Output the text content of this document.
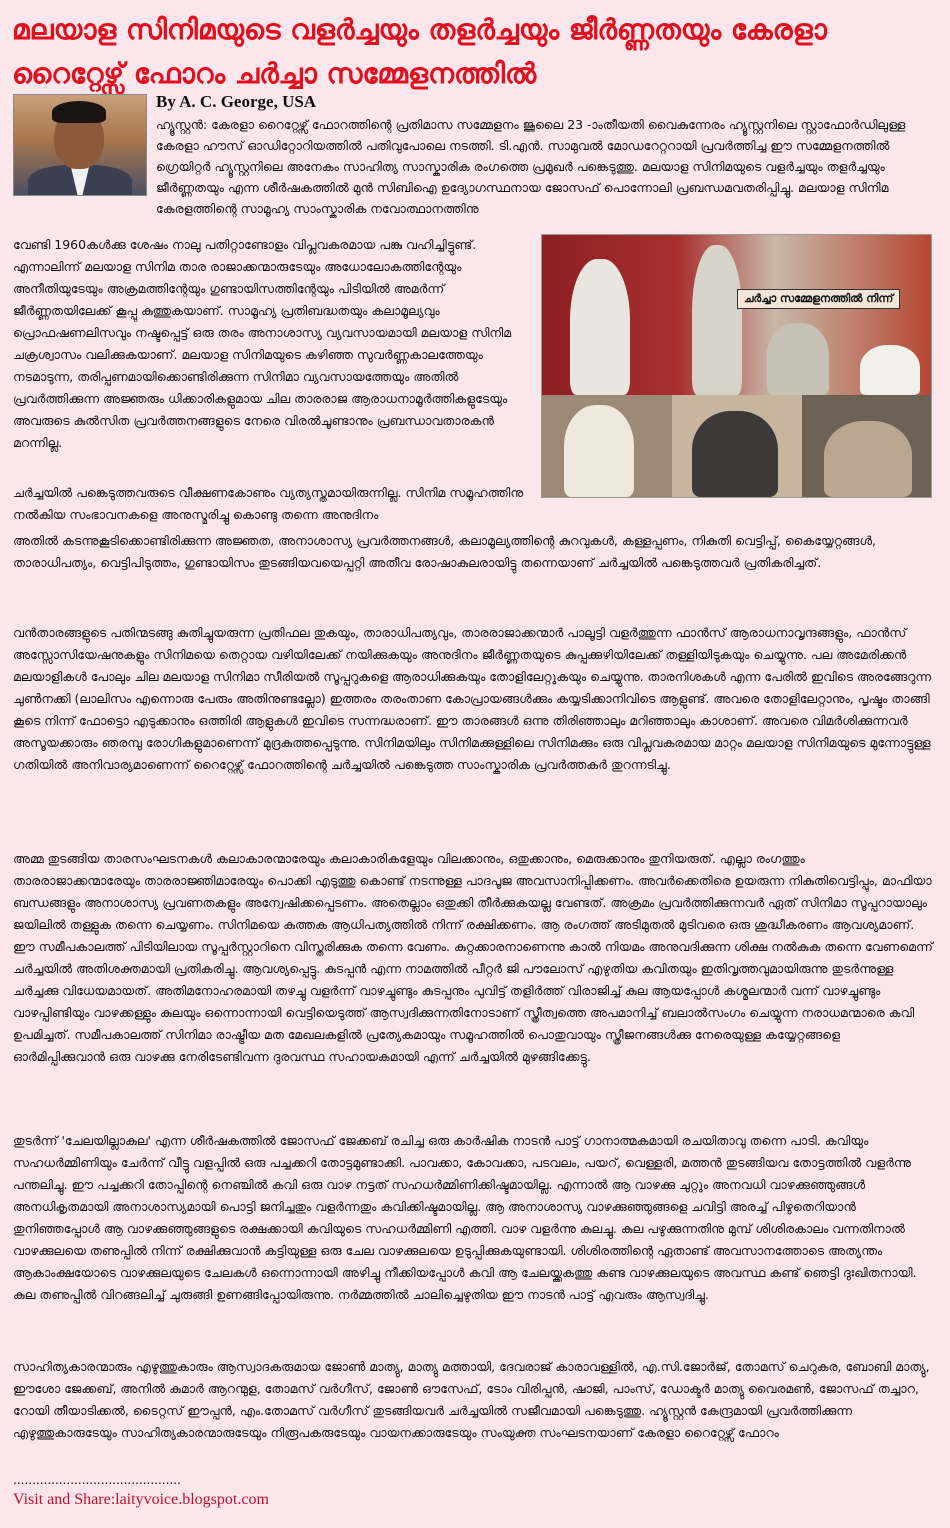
മലയാള സിനിമയുടെ വളർച്ചയും തളർച്ചയും ജീർണ്ണതയും കേരളാ റൈറ്റേഴ്സ് ഫോറം ചർച്ചാ സമ്മേളനത്തിൽ
By A. C. George, USA

ഹ്യൂസ്റ്റൻ: കേരളാ റൈറ്റേഴ്സ് ഫോറത്തിന്റെ പ്രതിമാസ സമ്മേളനം ജൂലൈ 23 -ാംതീയതി വൈകുന്നേരം ഹ്യൂസ്റ്റനിലെ സ്റ്റാഫോർഡിലുള്ള കേരളാ ഹൗസ് ഓഡിറ്റോറിയത്തിൽ പതിവുപോലെ നടത്തി. ടി.എൻ. സാമുവൽ മോഡറേറ്ററായി പ്രവർത്തിച്ച ഈ സമ്മേളനത്തിൽ ഗ്രെയിറ്റർ ഹ്യൂസ്റ്റനിലെ അനേകം സാഹിത്യ സാസ്കാരിക രംഗത്തെ പ്രമുഖർ പങ്കെടുത്തു. മലയാള സിനിമയുടെ വളർച്ചയും തളർച്ചയും ജീർണ്ണതയും എന്ന ശീർഷകത്തിൽ മുൻ സിബിഐ ഉദ്യോഗസ്ഥനായ ജോസഫ് പൊന്നോലി പ്രബന്ധമവതരിപ്പിച്ചു. മലയാള സിനിമ കേരളത്തിന്റെ സാമൂഹ്യ സാംസ്കാരിക നവോത്ഥാനത്തിനു

വേണ്ടി 1960കൾക്കു ശേഷം നാലു പതിറ്റാണ്ടോളം വിപ്ലവകരമായ പങ്കു വഹിച്ചിട്ടുണ്ട്. എന്നാലിന്ന് മലയാള സിനിമ താര രാജാക്കന്മാരുടേയും അധോലോകത്തിന്റേയും അനീതിയുടേയും അക്രമത്തിന്റേയും ഗുണ്ടായിസത്തിന്റേയും പിടിയിൽ അമർന്ന് ജീർണ്ണതയിലേക്ക് കൂപ്പു കുത്തുകയാണ്. സാമൂഹ്യ പ്രതിബദ്ധതയും കലാമൂല്യവും പ്രൊഫഷണലിസവും നഷ്ടപ്പെട്ട് ഒരു തരം അനാശാസ്യ വ്യവസായമായി മലയാള സിനിമ ചക്രശ്വാസം വലിക്കുകയാണ്. മലയാള സിനിമയുടെ കഴിഞ്ഞ സുവർണ്ണകാലത്തേയും നടമാടുന്ന, തരിപ്പണമായിക്കൊണ്ടിരിക്കുന്ന സിനിമാ വ്യവസായത്തേയും അതിൽ പ്രവർത്തിക്കുന്ന അജ്ഞരും ധിക്കാരികളുമായ ചില താരരാജ ആരാധനാമൂർത്തികളുടേയും അവരുടെ കുൽസിത പ്രവർത്തനങ്ങളുടെ നേരെ വിരൽചൂണ്ടാനും പ്രബന്ധാവതാരകൻ മറന്നില്ല.

ചർച്ചാ സമ്മേളനത്തിൽ നിന്ന്

ചർച്ചയിൽ പങ്കെടുത്തവരുടെ വീക്ഷണകോണും വ്യത്യസ്തമായിരുന്നില്ല. സിനിമ സമൂഹത്തിനു നൽകിയ സംഭാവനകളെ അനുസ്മരിച്ചു കൊണ്ടു തന്നെ അനുദിനം

അതിൽ കടന്നുകൂടിക്കൊണ്ടിരിക്കുന്ന അജ്ഞത, അനാശാസ്യ പ്രവർത്തനങ്ങൾ, കലാമൂല്യത്തിന്റെ കുറവുകൾ, കള്ളപ്പണം, നികുതി വെട്ടിപ്പ്, കൈയ്യേറ്റങ്ങൾ, താരാധിപത്യം, വെട്ടിപിടുത്തം, ഗുണ്ടായിസം തുടങ്ങിയവയെപ്പറ്റി അതീവ രോഷാകുലരായിട്ടു തന്നെയാണ് ചർച്ചയിൽ പങ്കെടുത്തവർ പ്രതികരിച്ചത്.

വൻതാരങ്ങളുടെ പതിന്മടങ്ങു കുതിച്ചുയരുന്ന പ്രതിഫല തുകയും, താരാധിപത്യവും, താരരാജാക്കന്മാർ പാലൂട്ടി വളർത്തുന്ന ഫാൻസ് ആരാധനാവൃന്ദങ്ങളും, ഫാൻസ് അസ്സോസിയേഷനുകളും സിനിമയെ തെറ്റായ വഴിയിലേക്ക് നയിക്കുകയും അനുദിനം ജീർണ്ണതയുടെ കുപ്പക്കുഴിയിലേക്ക് തള്ളിയിടുകയും ചെയ്യുന്നു. പല അമേരിക്കൻ മലയാളികൾ പോലും ചില മലയാള സിനിമാ സീരിയൽ സൂപ്പറുകളെ ആരാധിക്കുകയും തോളിലേറ്റുകയും ചെയ്യുന്നു. താരനിശകൾ എന്ന പേരിൽ ഇവിടെ അരങ്ങേറുന്ന ചുൺനക്കി (ലാലിസം എന്നൊരു പേരും അതിനുണ്ടല്ലോ) ഇത്തരം തരംതാണ കോപ്രായങ്ങൾക്കും കയ്യടിക്കാനിവിടെ ആളുണ്ട്. അവരെ തോളിലേറ്റാനും, പൃഷ്ടം താങ്ങി കൂടെ നിന്ന് ഫോട്ടൊ എടുക്കാനും ഒത്തിരി ആളുകൾ ഇവിടെ സന്നദ്ധരാണ്. ഈ താരങ്ങൾ ഒന്നു തിരിഞ്ഞാലും മറിഞ്ഞാലും കാശാണ്. അവരെ വിമർശിക്കുന്നവർ അസൂയക്കാരും ഞരമ്പു രോഗികളുമാണെന്ന് മുദ്രകുത്തപ്പെടുന്നു. സിനിമയിലും സിനിമക്കുള്ളിലെ സിനിമക്കും ഒരു വിപ്ലവകരമായ മാറ്റം മലയാള സിനിമയുടെ മുന്നോട്ടുള്ള ഗതിയിൽ അനിവാര്യമാണെന്ന് റൈറ്റേഴ്സ് ഫോറത്തിന്റെ ചർച്ചയിൽ പങ്കെടുത്ത സാംസ്കാരിക പ്രവർത്തകർ തുറന്നടിച്ചു.

അമ്മ തുടങ്ങിയ താരസംഘടനകൾ കലാകാരന്മാരേയും കലാകാരികളേയും വിലക്കാനും, ഒതുക്കാനും, മെരുക്കാനും തുനിയരുത്. എല്ലാ രംഗത്തും താരരാജാക്കന്മാരേയും താരരാജ്ഞിമാരേയും പൊക്കി എടുത്തു കൊണ്ട് നടന്നുള്ള പാദപൂജ അവസാനിപ്പിക്കണം. അവർക്കെതിരെ ഉയരുന്ന നികുതിവെട്ടിപ്പും, മാഫിയാ ബന്ധങ്ങളും അനാശാസ്യ പ്രവണതകളും അന്വേഷിക്കപ്പെടണം. അതെല്ലാം ഒതുക്കി തീർക്കുകയല്ല വേണ്ടത്. അക്രമം പ്രവർത്തിക്കുന്നവർ ഏത് സിനിമാ സൂപ്പറായാലും ജയിലിൽ തള്ളുക തന്നെ ചെയ്യണം. സിനിമയെ കുത്തക ആധിപത്യത്തിൽ നിന്ന് രക്ഷിക്കണം. ആ രംഗത്ത് അടിമുതൽ മുടിവരെ ഒരു ശുദ്ധീകരണം ആവശ്യമാണ്. ഈ സമീപകാലത്ത് പിടിയിലായ സൂപ്പർസ്റ്റാറിനെ വിസ്തരിക്കുക തന്നെ വേണം. കുറ്റക്കാരനാണെന്നു കാൽ നിയമം അനുവദിക്കുന്ന ശിക്ഷ നൽകുക തന്നെ വേണമെന്ന് ചർച്ചയിൽ അതിശക്തമായി പ്രതികരിച്ചു. ആവശ്യപ്പെട്ടു. കുടപ്പൻ എന്ന നാമത്തിൽ പീറ്റർ ജി പൗലോസ് എഴുതിയ കവിതയും ഇതിവൃത്തവുമായിരുന്നു തുടർന്നുള്ള ചർച്ചക്കു വിധേയമായത്. അതിമനോഹരമായി തഴച്ചു വളർന്ന് വാഴച്ചുണ്ടും കുടപ്പനും പുവിട്ട് തളിർത്ത് വിരാജിച്ച് കുല ആയപ്പോൾ കശ്മലന്മാർ വന്ന് വാഴച്ചുണ്ടും വാഴപ്പിണ്ടിയും വാഴക്കള്ളും കുലയും ഒന്നൊന്നായി വെട്ടിയെടുത്ത് ആസ്വദിക്കുന്നതിനോടാണ് സ്ത്രീത്വത്തെ അപമാനിച്ച് ബലാൽസംഗം ചെയ്യുന്ന നരാധമന്മാരെ കവി ഉപമിച്ചത്. സമീപകാലത്ത് സിനിമാ രാഷ്ട്രീയ മത മേഖലകളിൽ പ്രത്യേകമായും സമൂഹത്തിൽ പൊതുവായും സ്ത്രീജനങ്ങൾക്കു നേരെയുള്ള കയ്യേറ്റങ്ങളെ ഓർമിപ്പിക്കുവാൻ ഒരു വാഴക്കു നേരിടേണ്ടിവന്ന ദുരവസ്ഥ സഹായകമായി എന്ന് ചർച്ചയിൽ മുഴങ്ങിക്കേട്ടു.

തുടർന്ന് 'ചേലയില്ലാകുല' എന്ന ശീർഷകത്തിൽ ജോസഫ് ജേക്കബ് രചിച്ച ഒരു കാർഷിക നാടൻ പാട്ട് ഗാനാത്മകമായി രചയിതാവു തന്നെ പാടി. കവിയും സഹധർമ്മിണിയും ചേർന്ന് വീട്ടു വളപ്പിൽ ഒരു പച്ചക്കറി തോട്ടമുണ്ടാക്കി. പാവക്കാ, കോവക്കാ, പടവലം, പയറ്, വെള്ളരി, മത്തൻ തുടങ്ങിയവ തോട്ടത്തിൽ വളർന്നു പന്തലിച്ചു. ഈ പച്ചക്കറി തോപ്പിന്റെ നെഞ്ചിൽ കവി ഒരു വാഴ നട്ടത് സഹധർമ്മിണിക്കിഷ്ടമായില്ല. എന്നാൽ ആ വാഴക്കു ചുറ്റും അനവധി വാഴക്കുഞ്ഞുങ്ങൾ അനധികൃതമായി അനാശാസ്യമായി പൊട്ടി ജനിച്ചതും വളർന്നതും കവിക്കിഷ്ടമായില്ല. ആ അനാശാസ്യ വാഴക്കുഞ്ഞുങ്ങളെ ചവിട്ടി അരച്ച് പിഴുതെറിയാൻ തുനിഞ്ഞപ്പോൾ ആ വാഴക്കുഞ്ഞുങ്ങളുടെ രക്ഷക്കായി കവിയുടെ സഹധർമ്മിണി എത്തി. വാഴ വളർന്നു കുലച്ചു. കുല പഴുക്കുന്നതിനു മുമ്പ് ശിശിരകാലം വന്നതിനാൽ വാഴക്കുലയെ തണുപ്പിൽ നിന്ന് രക്ഷിക്കുവാൻ കട്ടിയുള്ള ഒരു ചേല വാഴക്കുലയെ ഉടുപ്പിക്കുകയുണ്ടായി. ശിശിരത്തിന്റെ ഏതാണ്ട് അവസാനത്തോടെ അത്യന്തം ആകാംക്ഷയോടെ വാഴക്കുലയുടെ ചേലകൾ ഒന്നൊന്നായി അഴിച്ചു നീക്കിയപ്പോൾ കവി ആ ചേലയ്ക്കകത്തു കണ്ട വാഴക്കുലയുടെ അവസ്ഥ കണ്ട് ഞെട്ടി ദുഃഖിതനായി. കുല തണുപ്പിൽ വിറങ്ങലിച്ച് ചുരുങ്ങി ഉണങ്ങിപ്പോയിരുന്നു. നർമ്മത്തിൽ ചാലിച്ചെഴുതിയ ഈ നാടൻ പാട്ട് എവരും ആസ്വദിച്ചു.

സാഹിത്യകാരന്മാരും എഴുത്തുകാരും ആസ്വാദകരുമായ ജോൺ മാത്യു, മാത്യു മത്തായി, ദേവരാജ് കാരാവള്ളിൽ, എ.സി.ജോർജ്, തോമസ് ചെറുകര, ബോബി മാത്യു, ഈശോ ജേക്കബ്, അനിൽ കുമാർ ആറന്മുള, തോമസ് വർഗീസ്, ജോൺ ഔസേഫ്, ടോം വിരിപ്പൻ, ഷാജി, പാംസ്, ഡോക്ടർ മാത്യു വൈരമൺ, ജോസഫ് തച്ചാറ, റോയി തീയാടിക്കൽ, ടൈറ്റസ് ഈപ്പൻ, എം.തോമസ് വർഗീസ് തുടങ്ങിയവർ ചർച്ചയിൽ സജീവമായി പങ്കെടുത്തു. ഹ്യൂസ്റ്റൻ കേന്ദ്രമായി പ്രവർത്തിക്കുന്ന എഴുത്തുകാരുടേയും സാഹിത്യകാരന്മാരുടേയും നിരൂപകരുടേയും വായനക്കാരുടേയും സംയുക്ത സംഘടനയാണ് കേരളാ റൈറ്റേഴ്സ് ഫോറം

............................................
Visit and Share:laityvoice.blogspot.com
